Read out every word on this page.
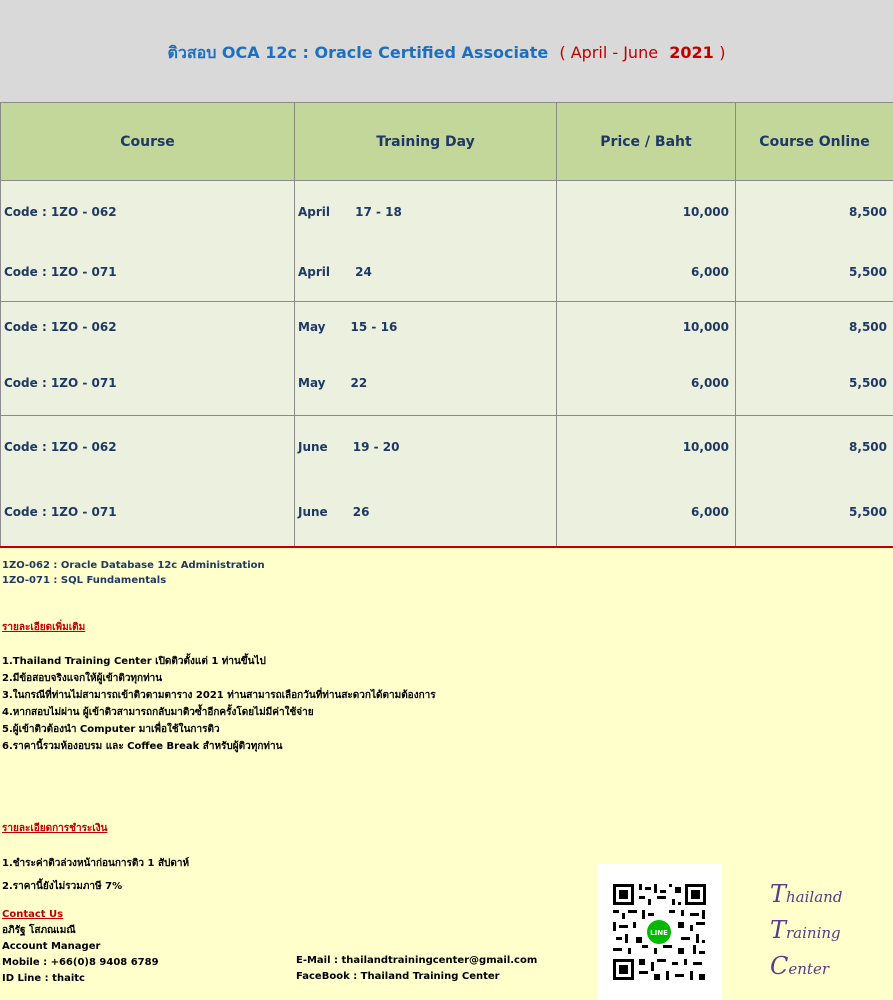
ติวสอบ OCA 12c : Oracle Certified Associate ( April - June 2021 )
Course	Training Day	Price / Baht	Course Online
Code : 1ZO - 062	April      17 - 18	10,000	8,500
Code : 1ZO - 071	April      24	6,000	5,500
Code : 1ZO - 062	May      15 - 16	10,000	8,500
Code : 1ZO - 071	May      22	6,000	5,500
Code : 1ZO - 062	June      19 - 20	10,000	8,500
Code : 1ZO - 071	June      26	6,000	5,500

1ZO-062 : Oracle Database 12c Administration

1ZO-071 : SQL Fundamentals

รายละเอียดเพิ่มเติม

1.Thailand Training Center เปิดติวตั้งแต่ 1 ท่านขึ้นไป

2.มีข้อสอบจริงแจกให้ผู้เข้าติวทุกท่าน

3.ในกรณีที่ท่านไม่สามารถเข้าติวตามตาราง 2021 ท่านสามารถเลือกวันที่ท่านสะดวกได้ตามต้องการ

4.หากสอบไม่ผ่าน ผู้เข้าติวสามารถกลับมาติวซ้ำอีกครั้งโดยไม่มีค่าใช้จ่าย

5.ผู้เข้าติวต้องนำ Computer มาเพื่อใช้ในการติว

6.ราคานี้รวมห้องอบรม และ Coffee Break สำหรับผู้ติวทุกท่าน

รายละเอียดการชำระเงิน

1.ชำระค่าติวล่วงหน้าก่อนการติว 1 สัปดาห์

2.ราคานี้ยังไม่รวมภาษี 7%

Contact Us

อภิรัฐ โสภณเมณี

Account Manager

Mobile : +66(0)8 9408 6789

ID Line : thaitc

E-Mail : thailandtrainingcenter@gmail.com
FaceBook : Thailand Training Center
LINE
Thailand
Training
Center
